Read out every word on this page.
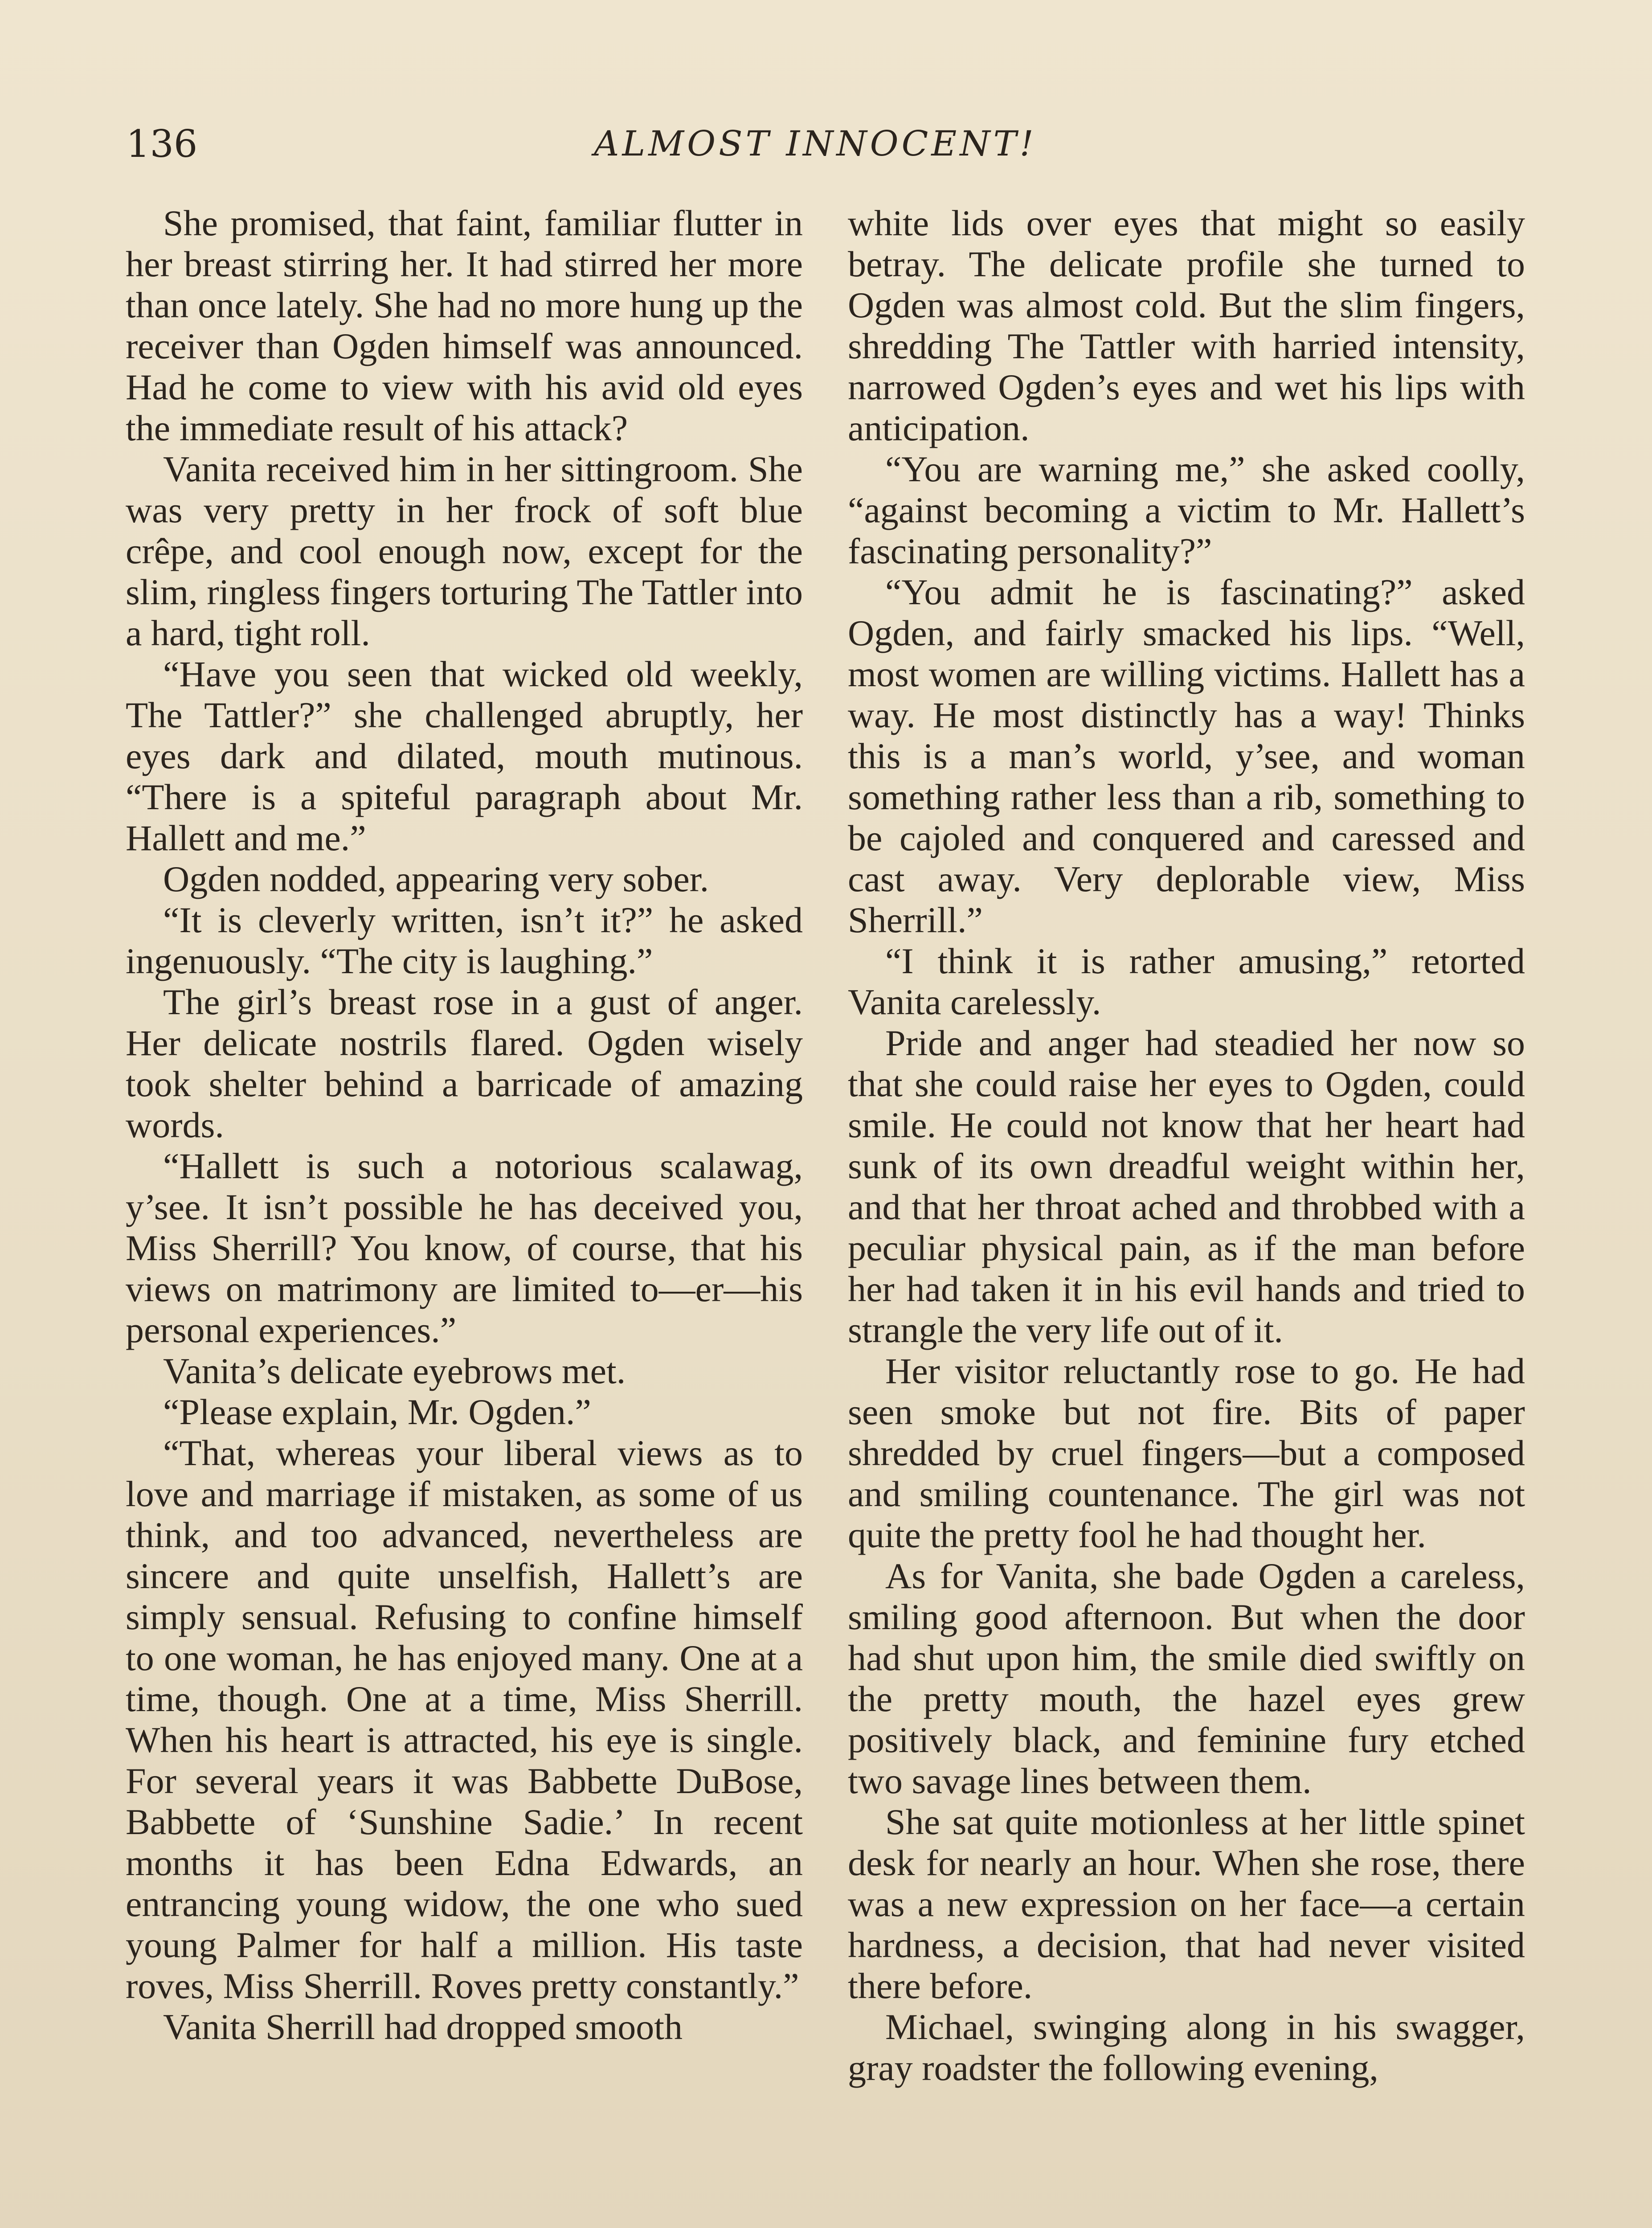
136	ALMOST INNOCENT!

She promised, that faint, familiar flutter in her breast stirring her. It had stirred her more than once lately. She had no more hung up the receiver than Ogden himself was announced. Had he come to view with his avid old eyes the immediate result of his attack?

Vanita received him in her sittingroom. She was very pretty in her frock of soft blue crêpe, and cool enough now, except for the slim, ringless fingers torturing The Tattler into a hard, tight roll.

“Have you seen that wicked old weekly, The Tattler?” she challenged abruptly, her eyes dark and dilated, mouth mutinous. “There is a spiteful paragraph about Mr. Hallett and me.”

Ogden nodded, appearing very sober.

“It is cleverly written, isn’t it?” he asked ingenuously. “The city is laughing.”

The girl’s breast rose in a gust of anger. Her delicate nostrils flared. Ogden wisely took shelter behind a barricade of amazing words.

“Hallett is such a notorious scalawag, y’see. It isn’t possible he has deceived you, Miss Sherrill? You know, of course, that his views on matrimony are limited to—er—his personal experiences.”

Vanita’s delicate eyebrows met.

“Please explain, Mr. Ogden.”

“That, whereas your liberal views as to love and marriage if mistaken, as some of us think, and too advanced, nevertheless are sincere and quite unselfish, Hallett’s are simply sensual. Refusing to confine himself to one woman, he has enjoyed many. One at a time, though. One at a time, Miss Sherrill. When his heart is attracted, his eye is single. For several years it was Babbette DuBose, Babbette of ‘Sunshine Sadie.’ In recent months it has been Edna Edwards, an entrancing young widow, the one who sued young Palmer for half a million. His taste roves, Miss Sherrill. Roves pretty constantly.”

Vanita Sherrill had dropped smooth

white lids over eyes that might so easily betray. The delicate profile she turned to Ogden was almost cold. But the slim fingers, shredding The Tattler with harried intensity, narrowed Ogden’s eyes and wet his lips with anticipation.

“You are warning me,” she asked coolly, “against becoming a victim to Mr. Hallett’s fascinating personality?”

“You admit he is fascinating?” asked Ogden, and fairly smacked his lips. “Well, most women are willing victims. Hallett has a way. He most distinctly has a way! Thinks this is a man’s world, y’see, and woman something rather less than a rib, something to be cajoled and conquered and caressed and cast away. Very deplorable view, Miss Sherrill.”

“I think it is rather amusing,” retorted Vanita carelessly.

Pride and anger had steadied her now so that she could raise her eyes to Ogden, could smile. He could not know that her heart had sunk of its own dreadful weight within her, and that her throat ached and throbbed with a peculiar physical pain, as if the man before her had taken it in his evil hands and tried to strangle the very life out of it.

Her visitor reluctantly rose to go. He had seen smoke but not fire. Bits of paper shredded by cruel fingers—but a composed and smiling countenance. The girl was not quite the pretty fool he had thought her.

As for Vanita, she bade Ogden a careless, smiling good afternoon. But when the door had shut upon him, the smile died swiftly on the pretty mouth, the hazel eyes grew positively black, and feminine fury etched two savage lines between them.

She sat quite motionless at her little spinet desk for nearly an hour. When she rose, there was a new expression on her face—a certain hardness, a decision, that had never visited there before.

Michael, swinging along in his swagger, gray roadster the following evening,
